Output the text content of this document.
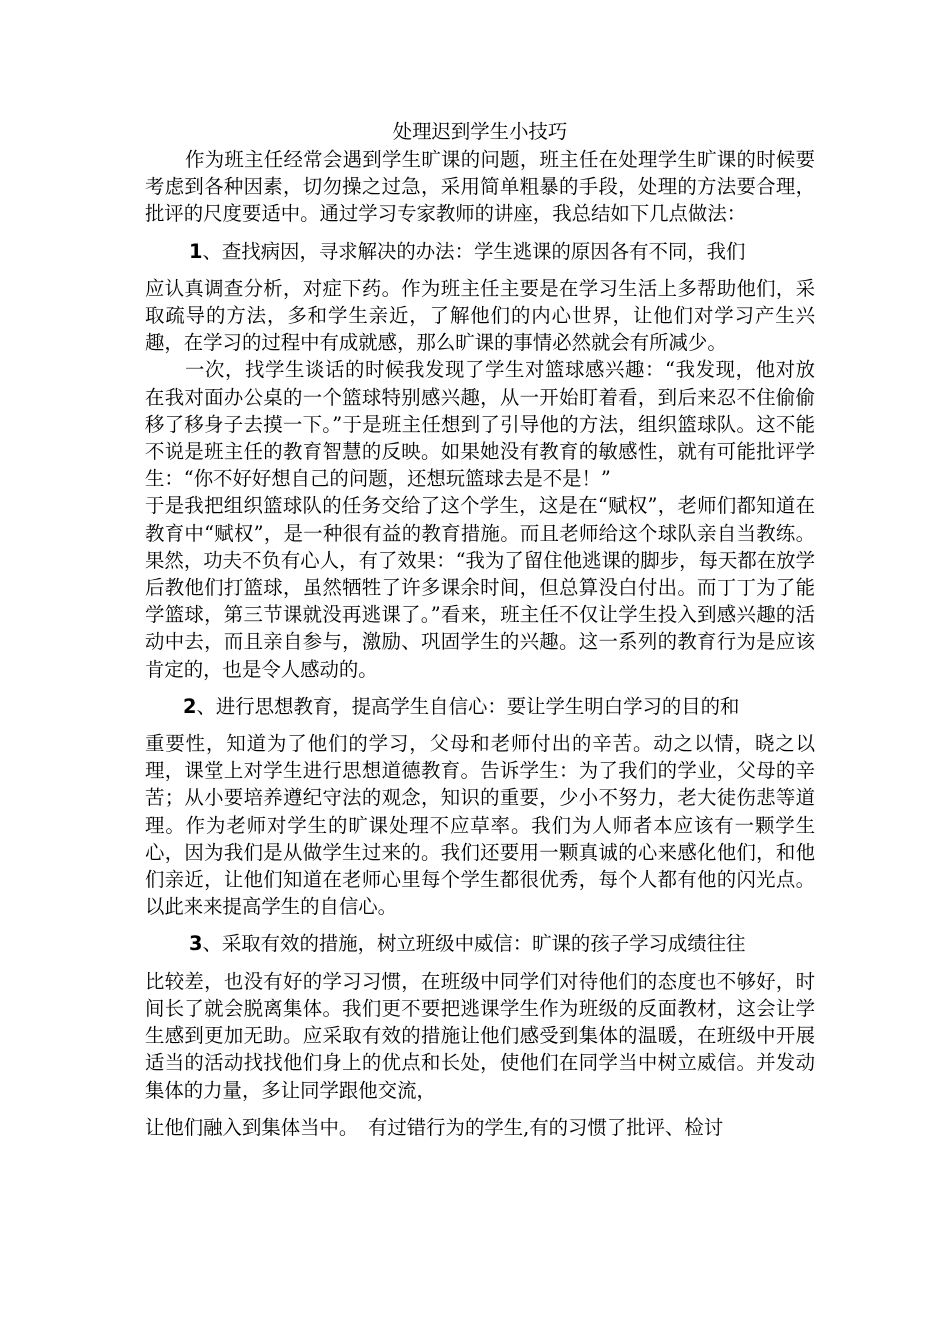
处理迟到学生小技巧

作为班主任经常会遇到学生旷课的问题，班主任在处理学生旷课的时候要考虑到各种因素，切勿操之过急，采用简单粗暴的手段，处理的方法要合理，批评的尺度要适中。通过学习专家教师的讲座，我总结如下几点做法：

1、查找病因，寻求解决的办法：学生逃课的原因各有不同，我们

应认真调查分析，对症下药。作为班主任主要是在学习生活上多帮助他们，采取疏导的方法，多和学生亲近，了解他们的内心世界，让他们对学习产生兴趣，在学习的过程中有成就感，那么旷课的事情必然就会有所减少。

一次，找学生谈话的时候我发现了学生对篮球感兴趣：“我发现，他对放在我对面办公桌的一个篮球特别感兴趣，从一开始盯着看，到后来忍不住偷偷移了移身子去摸一下。”于是班主任想到了引导他的方法，组织篮球队。这不能不说是班主任的教育智慧的反映。如果她没有教育的敏感性，就有可能批评学生：“你不好好想自己的问题，还想玩篮球去是不是！”

于是我把组织篮球队的任务交给了这个学生，这是在“赋权”，老师们都知道在教育中“赋权”，是一种很有益的教育措施。而且老师给这个球队亲自当教练。果然，功夫不负有心人，有了效果：“我为了留住他逃课的脚步，每天都在放学后教他们打篮球，虽然牺牲了许多课余时间，但总算没白付出。而丁丁为了能学篮球，第三节课就没再逃课了。”看来，班主任不仅让学生投入到感兴趣的活动中去，而且亲自参与，激励、巩固学生的兴趣。这一系列的教育行为是应该肯定的，也是令人感动的。

2、进行思想教育，提高学生自信心：要让学生明白学习的目的和

重要性，知道为了他们的学习，父母和老师付出的辛苦。动之以情，晓之以理，课堂上对学生进行思想道德教育。告诉学生：为了我们的学业，父母的辛苦；从小要培养遵纪守法的观念，知识的重要，少小不努力，老大徒伤悲等道理。作为老师对学生的旷课处理不应草率。我们为人师者本应该有一颗学生心，因为我们是从做学生过来的。我们还要用一颗真诚的心来感化他们，和他们亲近，让他们知道在老师心里每个学生都很优秀，每个人都有他的闪光点。以此来来提高学生的自信心。

3、采取有效的措施，树立班级中威信：旷课的孩子学习成绩往往

比较差，也没有好的学习习惯，在班级中同学们对待他们的态度也不够好，时间长了就会脱离集体。我们更不要把逃课学生作为班级的反面教材，这会让学生感到更加无助。应采取有效的措施让他们感受到集体的温暖，在班级中开展适当的活动找找他们身上的优点和长处，使他们在同学当中树立威信。并发动集体的力量，多让同学跟他交流，

让他们融入到集体当中。　有过错行为的学生,有的习惯了批评、检讨
